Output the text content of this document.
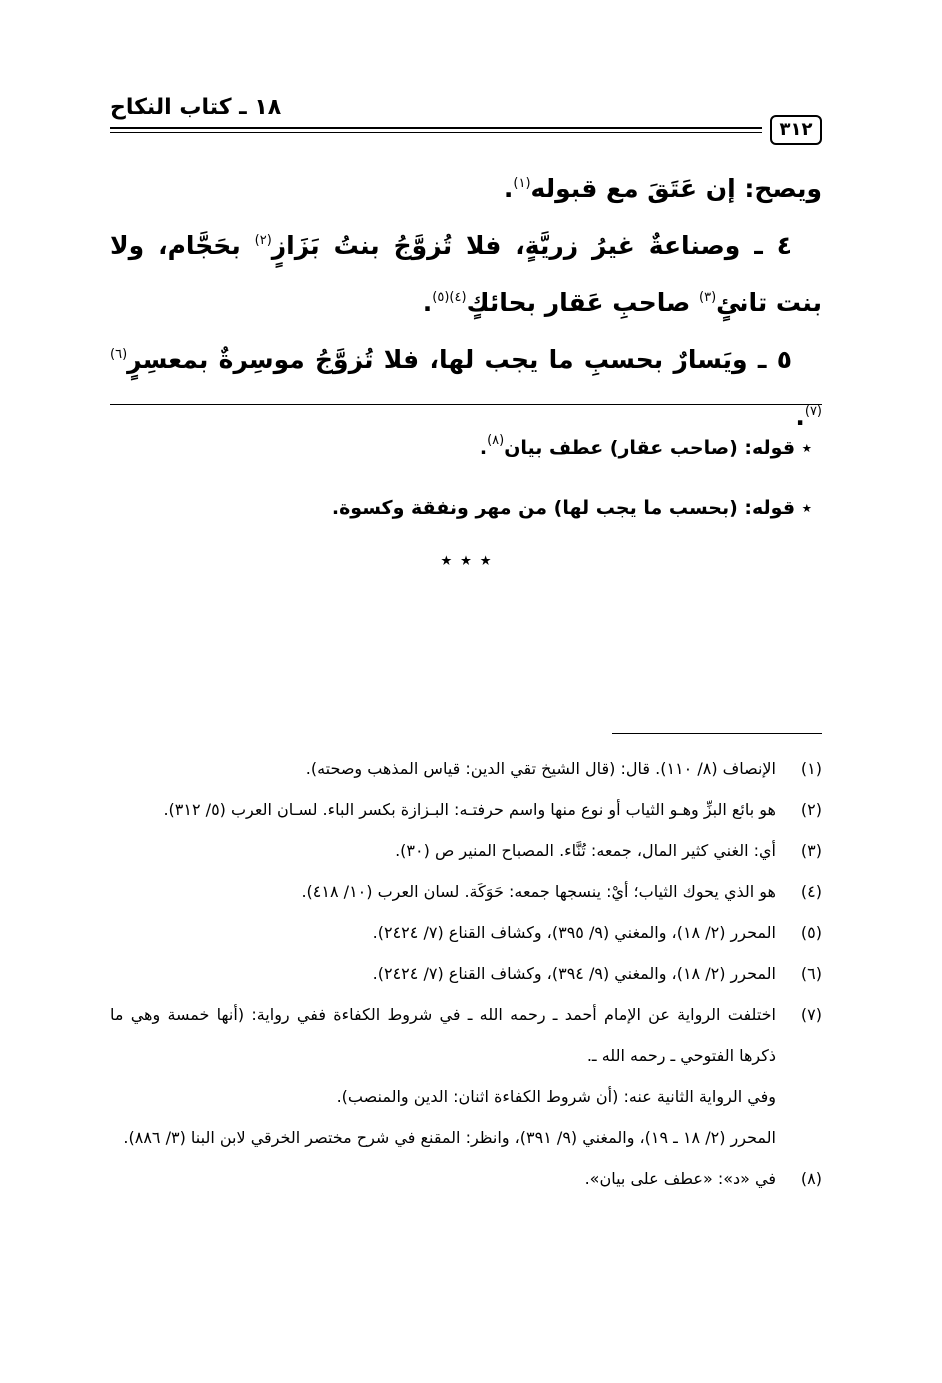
١٨ ـ كتاب النكاح
٣١٢

ويصح: إن عَتَقَ مع قبوله$^{(١)}$.

٤ ـ وصناعةٌ غيرُ زريَّةٍ، فلا تُزوَّجُ بنتُ بَزَازٍ$^{(٢)}$ بحَجَّام، ولا بنت تانئٍ$^{(٣)}$ صاحبِ عَقار بحائكٍ$^{(٤)(٥)}$.

٥ ـ ويَسارٌ بحسبِ ما يجب لها، فلا تُزوَّجُ موسِرةٌ بمعسِرٍ$^{(٦)(٧)}$.

٭ قوله: (صاحب عقار) عطف بيان$^{(٨)}$.

٭ قوله: (بحسب ما يجب لها) من مهر ونفقة وكسوة.

٭ ٭ ٭
(١)
الإنصاف (٨/ ١١٠). قال: (قال الشيخ تقي الدين: قياس المذهب وصحته).
(٢)
هو بائع البزِّ وهـو الثياب أو نوع منها واسم حرفتـه: البـزازة بكسر الباء. لسـان العرب (٥/ ٣١٢).
(٣)
أي: الغني كثير المال، جمعه: تُنَّاء. المصباح المنير ص (٣٠).
(٤)
هو الذي يحوك الثياب؛ أيْ: ينسجها جمعه: حَوَكَة. لسان العرب (١٠/ ٤١٨).
(٥)
المحرر (٢/ ١٨)، والمغني (٩/ ٣٩٥)، وكشاف القناع (٧/ ٢٤٢٤).
(٦)
المحرر (٢/ ١٨)، والمغني (٩/ ٣٩٤)، وكشاف القناع (٧/ ٢٤٢٤).
(٧)

اختلفت الرواية عن الإمام أحمد ـ رحمه الله ـ في شروط الكفاءة ففي رواية: (أنها خمسة وهي ما ذكرها الفتوحي ـ رحمه الله ـ.

وفي الرواية الثانية عنه: (أن شروط الكفاءة اثنان: الدين والمنصب).

المحرر (٢/ ١٨ ـ ١٩)، والمغني (٩/ ٣٩١)، وانظر: المقنع في شرح مختصر الخرقي لابن البنا (٣/ ٨٨٦).

(٨)
في «د»: «عطف على بيان».
